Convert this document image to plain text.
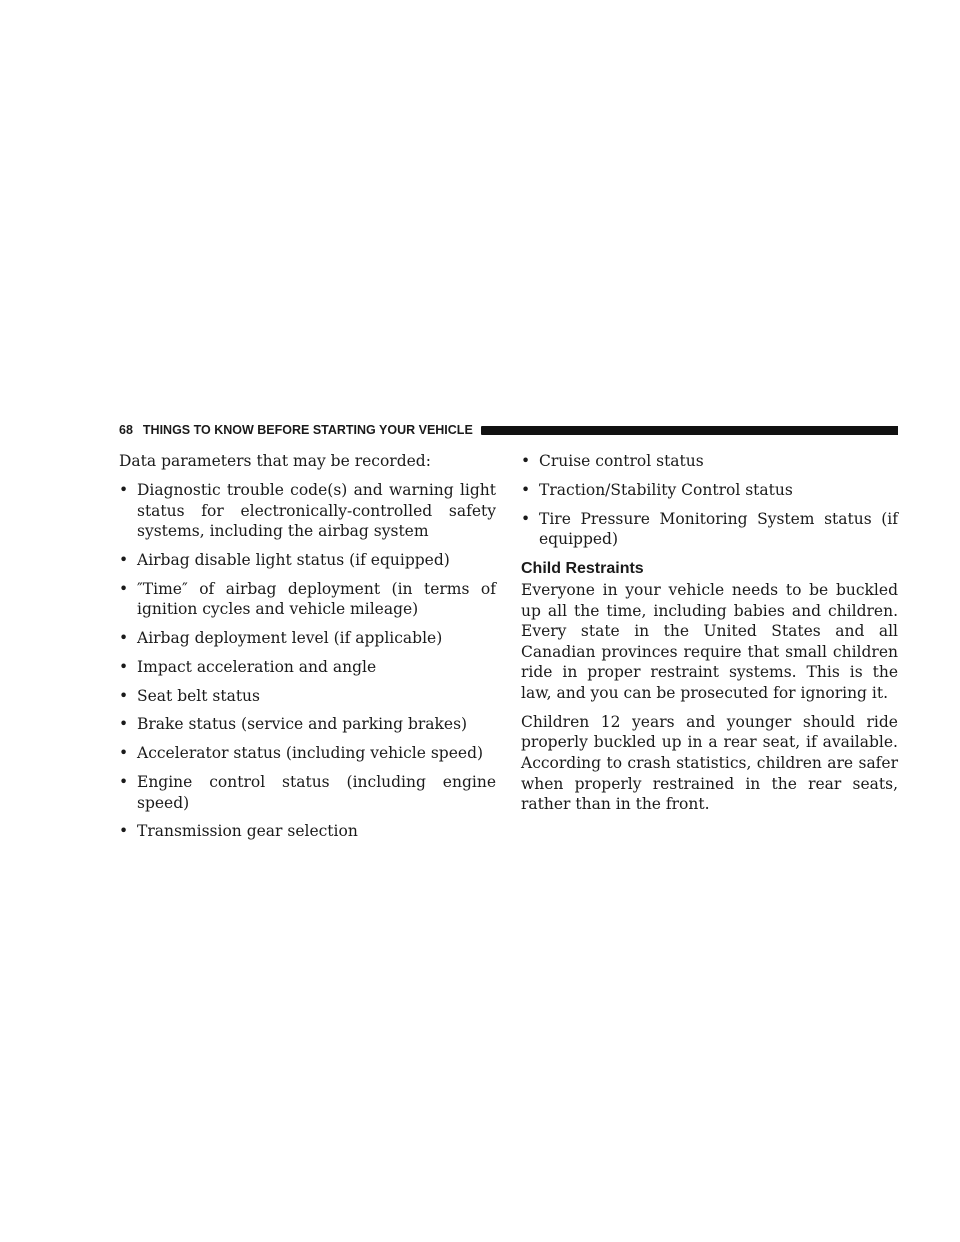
68 THINGS TO KNOW BEFORE STARTING YOUR VEHICLE

Data parameters that may be recorded:

• Diagnostic trouble code(s) and warning light status for electronically-controlled safety systems, including the airbag system
• Airbag disable light status (if equipped)
• ″Time″ of airbag deployment (in terms of ignition cycles and vehicle mileage)
• Airbag deployment level (if applicable)
• Impact acceleration and angle
• Seat belt status
• Brake status (service and parking brakes)
• Accelerator status (including vehicle speed)
• Engine control status (including engine speed)
• Transmission gear selection
• Cruise control status
• Traction/Stability Control status
• Tire Pressure Monitoring System status (if equipped)
Child Restraints

Everyone in your vehicle needs to be buckled up all the time, including babies and children. Every state in the United States and all Canadian provinces require that small children ride in proper restraint systems. This is the law, and you can be prosecuted for ignoring it.

Children 12 years and younger should ride properly buckled up in a rear seat, if available. According to crash statistics, children are safer when properly restrained in the rear seats, rather than in the front.
